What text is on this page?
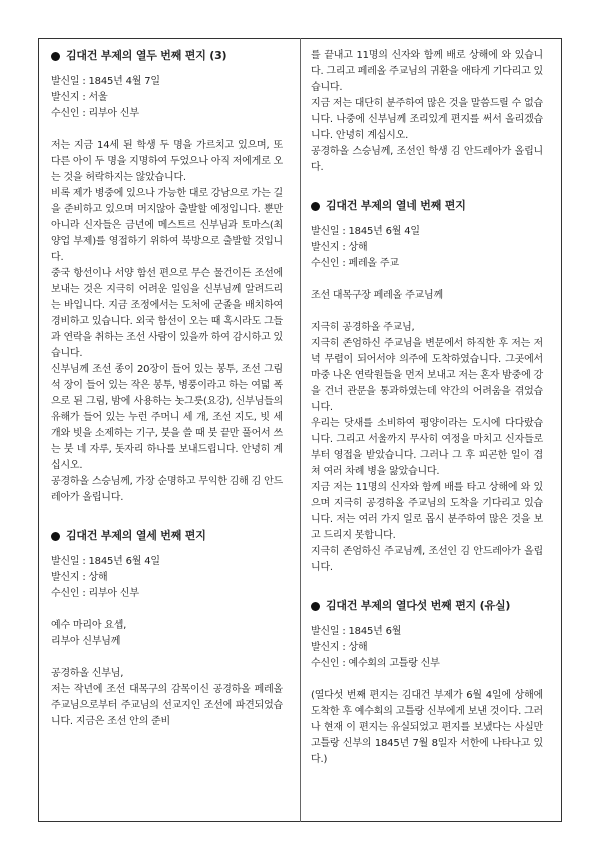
김대건 부제의 열두 번째 편지 (3)
발신일 : 1845년 4월 7일
발신지 : 서울
수신인 : 리부아 신부

저는 지금 14세 된 학생 두 명을 가르치고 있으며, 또 다른 아이 두 명을 지명하여 두었으나 아직 저에게로 오는 것을 허락하지는 않았습니다.

비록 제가 병중에 있으나 가능한 대로 강남으로 가는 길을 준비하고 있으며 머지않아 출발할 예정입니다. 뿐만 아니라 신자들은 금년에 메스트르 신부님과 토마스(최양업 부제)를 영접하기 위하여 북방으로 출발할 것입니다.

중국 항선이나 서양 함선 편으로 무슨 물건이든 조선에 보내는 것은 지극히 어려운 일임을 신부님께 알려드리는 바입니다. 지금 조정에서는 도처에 군졸을 배치하여 경비하고 있습니다. 외국 함선이 오는 때 혹시라도 그들과 연락을 취하는 조선 사람이 있을까 하여 감시하고 있습니다.

신부님께 조선 종이 20장이 들어 있는 봉투, 조선 그림 석 장이 들어 있는 작은 봉투, 병풍이라고 하는 여덟 폭으로 된 그림, 밤에 사용하는 놋그릇(요강), 신부님들의 유해가 들어 있는 누런 주머니 세 개, 조선 지도, 빗 세 개와 빗을 소제하는 기구, 붓을 쓸 때 붓 끝만 풀어서 쓰는 붓 네 자루, 돗자리 하나를 보내드립니다. 안녕히 계십시오.

공경하올 스승님께, 가장 순명하고 무익한 김해 김 안드레아가 올립니다.

김대건 부제의 열세 번째 편지
발신일 : 1845년 6월 4일
발신지 : 상해
수신인 : 리부아 신부

예수 마리아 요셉,

리부아 신부님께

공경하올 신부님,

저는 작년에 조선 대목구의 감목이신 공경하올 페레올 주교님으로부터 주교님의 선교지인 조선에 파견되었습니다. 지금은 조선 안의 준비

를 끝내고 11명의 신자와 함께 배로 상해에 와 있습니다. 그리고 페레올 주교님의 귀환을 애타게 기다리고 있습니다.

지금 저는 대단히 분주하여 많은 것을 말씀드릴 수 없습니다. 나중에 신부님께 조리있게 편지를 써서 올리겠습니다. 안녕히 계십시오.

공경하올 스승님께, 조선인 학생 김 안드레아가 올립니다.

김대건 부제의 열네 번째 편지
발신일 : 1845년 6월 4일
발신지 : 상해
수신인 : 페레올 주교

조선 대목구장 페레올 주교님께

지극히 공경하올 주교님,

지극히 존엄하신 주교님을 변문에서 하직한 후 저는 저녁 무렵이 되어서야 의주에 도착하였습니다. 그곳에서 마중 나온 연락원들을 먼저 보내고 저는 혼자 밤중에 강을 건너 관문을 통과하였는데 약간의 어려움을 겪었습니다.

우리는 닷새를 소비하여 평양이라는 도시에 다다랐습니다. 그리고 서울까지 무사히 여정을 마치고 신자들로부터 영접을 받았습니다. 그러나 그 후 피곤한 일이 겹쳐 여러 차례 병을 앓았습니다.

지금 저는 11명의 신자와 함께 배를 타고 상해에 와 있으며 지극히 공경하올 주교님의 도착을 기다리고 있습니다. 저는 여러 가지 일로 몹시 분주하여 많은 것을 보고 드리지 못합니다.

지극히 존엄하신 주교님께, 조선인 김 안드레아가 올립니다.

김대건 부제의 열다섯 번째 편지 (유실)
발신일 : 1845년 6월
발신지 : 상해
수신인 : 예수회의 고틀랑 신부

(열다섯 번째 편지는 김대건 부제가 6월 4일에 상해에 도착한 후 예수회의 고틀랑 신부에게 보낸 것이다. 그러나 현재 이 편지는 유실되었고 편지를 보냈다는 사실만 고틀랑 신부의 1845년 7월 8일자 서한에 나타나고 있다.)
